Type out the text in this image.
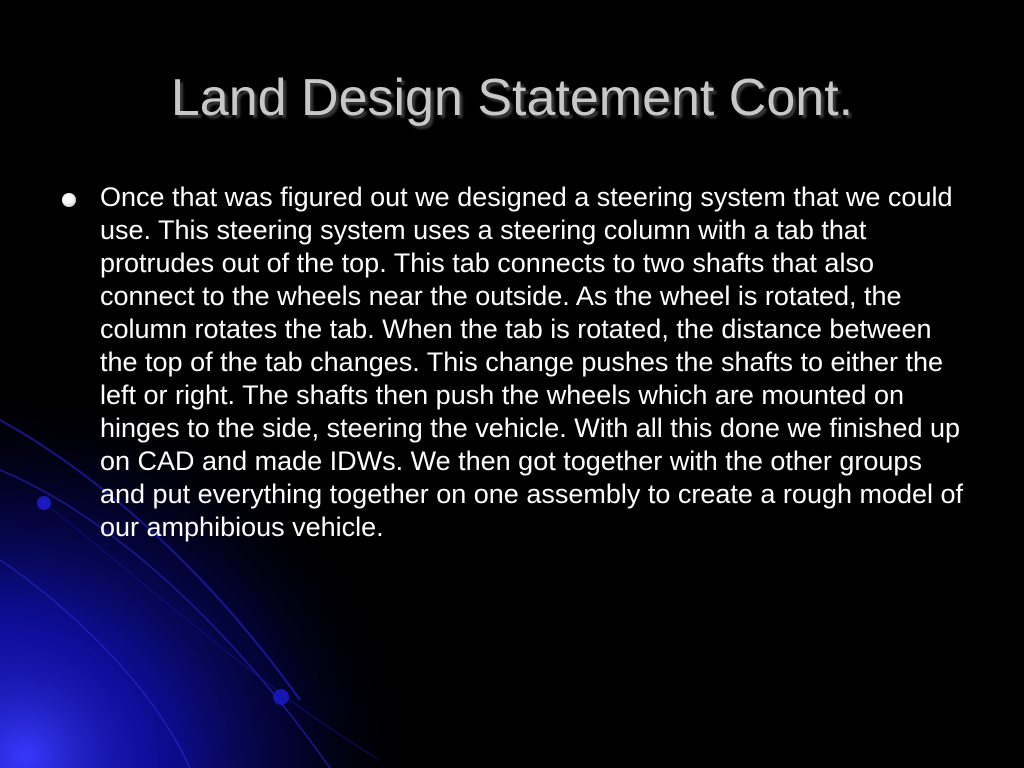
Land Design Statement Cont.
Once that was figured out we designed a steering system that we could use. This steering system uses a steering column with a tab that protrudes out of the top. This tab connects to two shafts that also connect to the wheels near the outside. As the wheel is rotated, the column rotates the tab. When the tab is rotated, the distance between the top of the tab changes. This change pushes the shafts to either the left or right. The shafts then push the wheels which are mounted on hinges to the side, steering the vehicle. With all this done we finished up on CAD and made IDWs. We then got together with the other groups and put everything together on one assembly to create a rough model of our amphibious vehicle.
